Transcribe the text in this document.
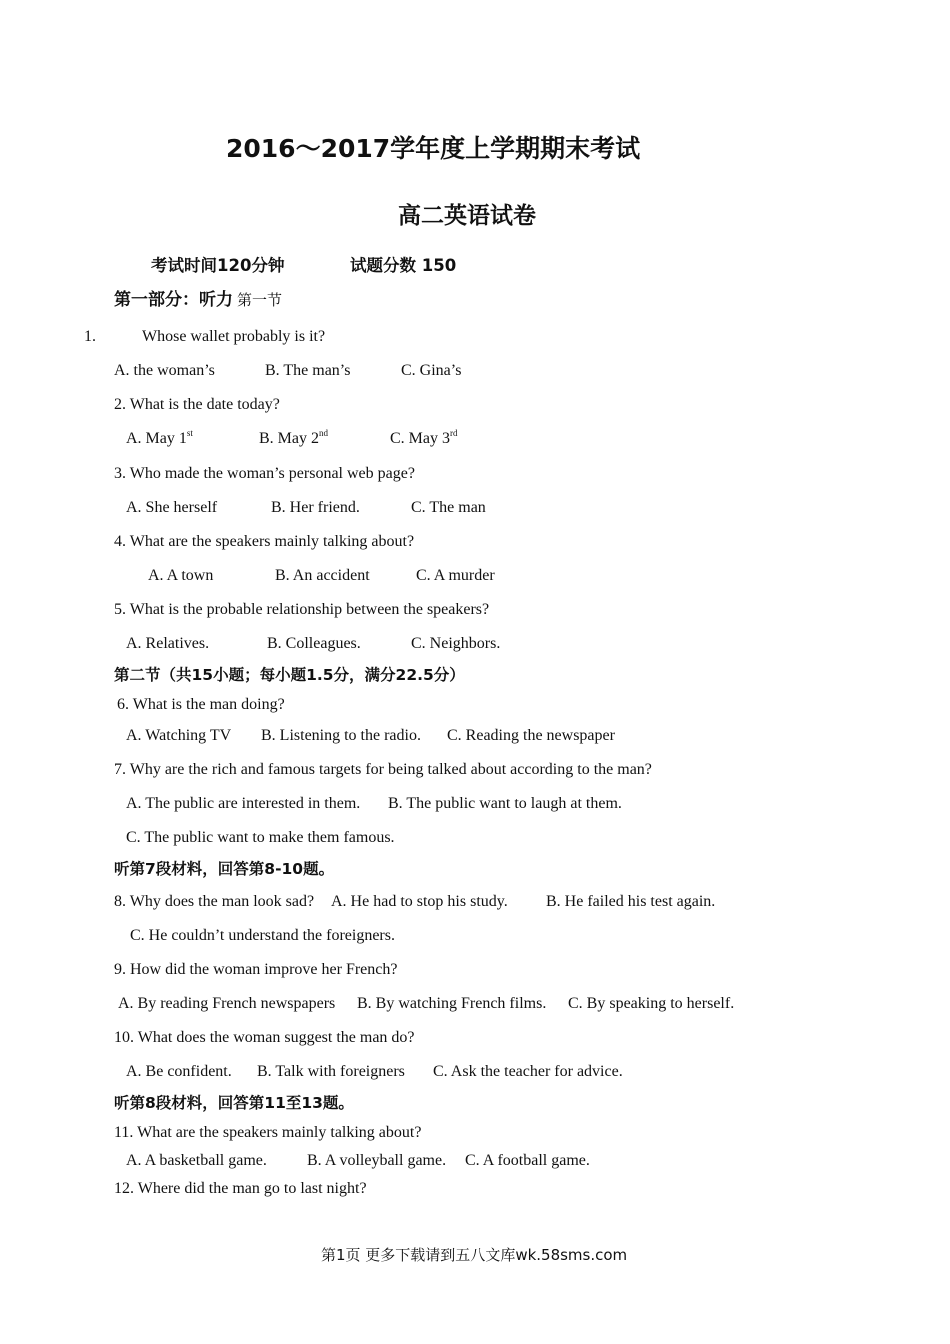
2016～2017学年度上学期期末考试
高二英语试卷
考试时间120分钟	试题分数 150
第一部分：听力 第一节
1.	Whose wallet probably is it?
A. the woman’s	B. The man’s	C. Gina’s
2. What is the date today?
A. May 1st	B. May 2nd	C. May 3rd
3. Who made the woman’s personal web page?
A. She herself	B. Her friend.	C. The man
4. What are the speakers mainly talking about?
A. A town	B. An accident	C. A murder
5. What is the probable relationship between the speakers?
A. Relatives.	B. Colleagues.	C. Neighbors.
第二节（共15小题；每小题1.5分，满分22.5分）
6. What is the man doing?
A. Watching TV B. Listening to the radio. C. Reading the newspaper
7. Why are the rich and famous targets for being talked about according to the man?
A. The public are interested in them. B. The public want to laugh at them.
C. The public want to make them famous.
听第7段材料，回答第8-10题。
8. Why does the man look sad? A. He had to stop his study. B. He failed his test again.
C. He couldn’t understand the foreigners.
9. How did the woman improve her French?
A. By reading French newspapers B. By watching French films. C. By speaking to herself.
10. What does the woman suggest the man do?
A. Be confident. B. Talk with foreigners C. Ask the teacher for advice.
听第8段材料，回答第11至13题。
11. What are the speakers mainly talking about?
A. A basketball game.	B. A volleyball game. C. A football game.
12. Where did the man go to last night?
第1页 更多下载请到五八文库wk.58sms.com
